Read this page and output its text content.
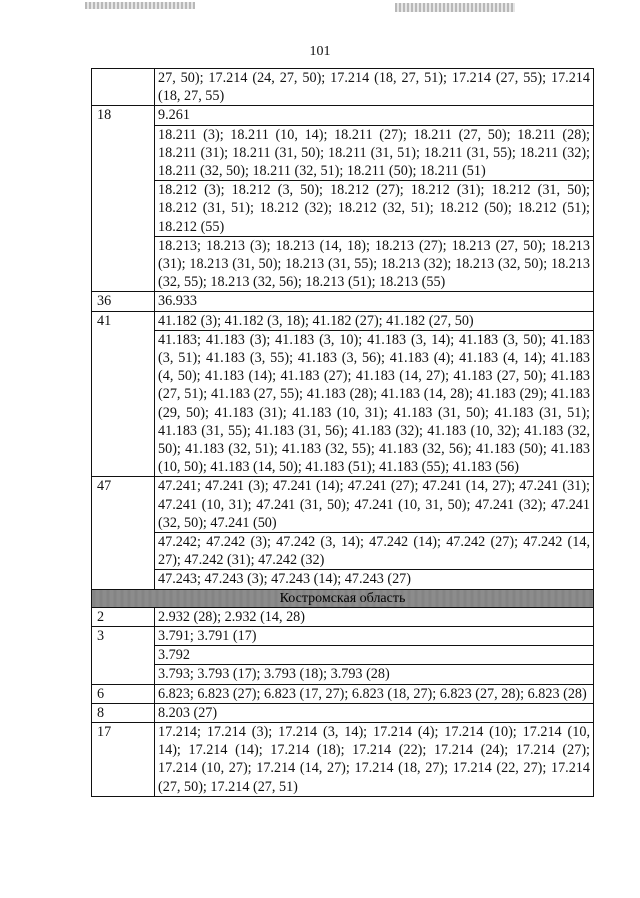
101
	27, 50); 17.214 (24, 27, 50); 17.214 (18, 27, 51); 17.214 (27, 55); 17.214 (18, 27, 55)
18	9.261
	18.211 (3); 18.211 (10, 14); 18.211 (27); 18.211 (27, 50); 18.211 (28); 18.211 (31); 18.211 (31, 50); 18.211 (31, 51); 18.211 (31, 55); 18.211 (32); 18.211 (32, 50); 18.211 (32, 51); 18.211 (50); 18.211 (51)
	18.212 (3); 18.212 (3, 50); 18.212 (27); 18.212 (31); 18.212 (31, 50); 18.212 (31, 51); 18.212 (32); 18.212 (32, 51); 18.212 (50); 18.212 (51); 18.212 (55)
	18.213; 18.213 (3); 18.213 (14, 18); 18.213 (27); 18.213 (27, 50); 18.213 (31); 18.213 (31, 50); 18.213 (31, 55); 18.213 (32); 18.213 (32, 50); 18.213 (32, 55); 18.213 (32, 56); 18.213 (51); 18.213 (55)
36	36.933
41	41.182 (3); 41.182 (3, 18); 41.182 (27); 41.182 (27, 50)
	41.183; 41.183 (3); 41.183 (3, 10); 41.183 (3, 14); 41.183 (3, 50); 41.183 (3, 51); 41.183 (3, 55); 41.183 (3, 56); 41.183 (4); 41.183 (4, 14); 41.183 (4, 50); 41.183 (14); 41.183 (27); 41.183 (14, 27); 41.183 (27, 50); 41.183 (27, 51); 41.183 (27, 55); 41.183 (28); 41.183 (14, 28); 41.183 (29); 41.183 (29, 50); 41.183 (31); 41.183 (10, 31); 41.183 (31, 50); 41.183 (31, 51); 41.183 (31, 55); 41.183 (31, 56); 41.183 (32); 41.183 (10, 32); 41.183 (32, 50); 41.183 (32, 51); 41.183 (32, 55); 41.183 (32, 56); 41.183 (50); 41.183 (10, 50); 41.183 (14, 50); 41.183 (51); 41.183 (55); 41.183 (56)
47	47.241; 47.241 (3); 47.241 (14); 47.241 (27); 47.241 (14, 27); 47.241 (31); 47.241 (10, 31); 47.241 (31, 50); 47.241 (10, 31, 50); 47.241 (32); 47.241 (32, 50); 47.241 (50)
	47.242; 47.242 (3); 47.242 (3, 14); 47.242 (14); 47.242 (27); 47.242 (14, 27); 47.242 (31); 47.242 (32)
	47.243; 47.243 (3); 47.243 (14); 47.243 (27)
Костромская область	
2	2.932 (28); 2.932 (14, 28)
3	3.791; 3.791 (17)
	3.792
	3.793; 3.793 (17); 3.793 (18); 3.793 (28)
6	6.823; 6.823 (27); 6.823 (17, 27); 6.823 (18, 27); 6.823 (27, 28); 6.823 (28)
8	8.203 (27)
17	17.214; 17.214 (3); 17.214 (3, 14); 17.214 (4); 17.214 (10); 17.214 (10, 14); 17.214 (14); 17.214 (18); 17.214 (22); 17.214 (24); 17.214 (27); 17.214 (10, 27); 17.214 (14, 27); 17.214 (18, 27); 17.214 (22, 27); 17.214 (27, 50); 17.214 (27, 51)
